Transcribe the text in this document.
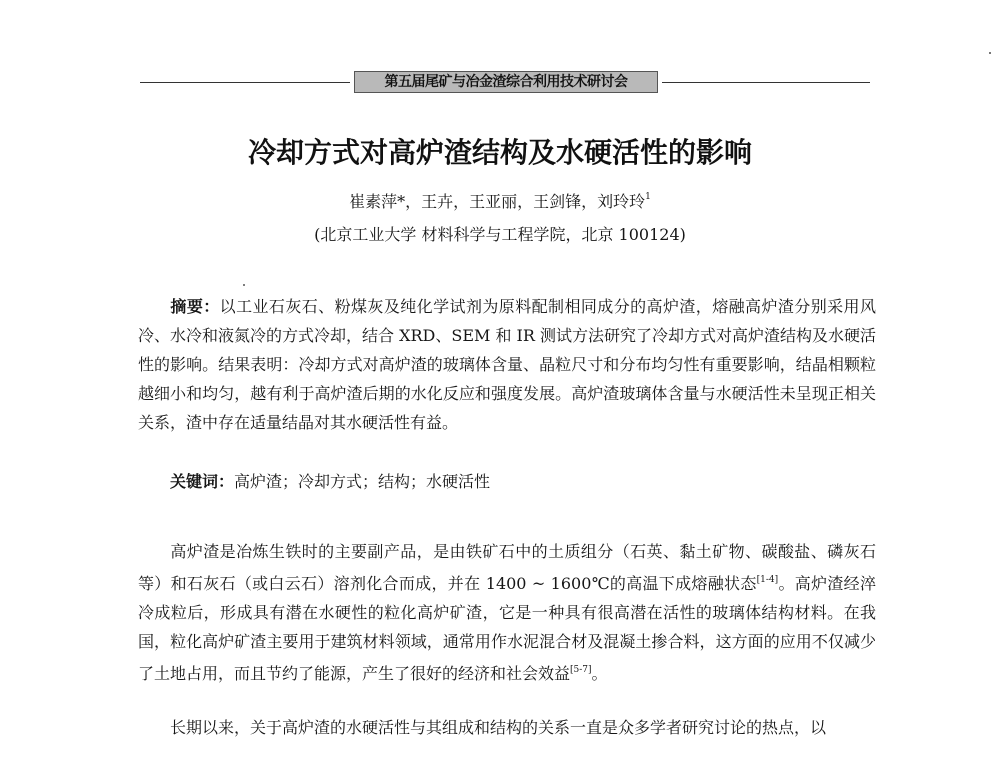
第五届尾矿与冶金渣综合利用技术研讨会
冷却方式对高炉渣结构及水硬活性的影响
崔素萍*，王卉，王亚丽，王剑锋，刘玲玲$^1$
(北京工业大学 材料科学与工程学院，北京 100124)
摘要：以工业石灰石、粉煤灰及纯化学试剂为原料配制相同成分的高炉渣，熔融高炉渣分别采用风冷、水冷和液氮冷的方式冷却，结合 XRD、SEM 和 IR 测试方法研究了冷却方式对高炉渣结构及水硬活性的影响。结果表明：冷却方式对高炉渣的玻璃体含量、晶粒尺寸和分布均匀性有重要影响，结晶相颗粒越细小和均匀，越有利于高炉渣后期的水化反应和强度发展。高炉渣玻璃体含量与水硬活性未呈现正相关关系，渣中存在适量结晶对其水硬活性有益。
关键词：高炉渣；冷却方式；结构；水硬活性
高炉渣是冶炼生铁时的主要副产品，是由铁矿石中的土质组分（石英、黏土矿物、碳酸盐、磷灰石等）和石灰石（或白云石）溶剂化合而成，并在 1400 ~ 1600℃的高温下成熔融状态[1-4]。高炉渣经淬冷成粒后，形成具有潜在水硬性的粒化高炉矿渣，它是一种具有很高潜在活性的玻璃体结构材料。在我国，粒化高炉矿渣主要用于建筑材料领域，通常用作水泥混合材及混凝土掺合料，这方面的应用不仅减少了土地占用，而且节约了能源，产生了很好的经济和社会效益[5-7]。
长期以来，关于高炉渣的水硬活性与其组成和结构的关系一直是众多学者研究讨论的热点，以
